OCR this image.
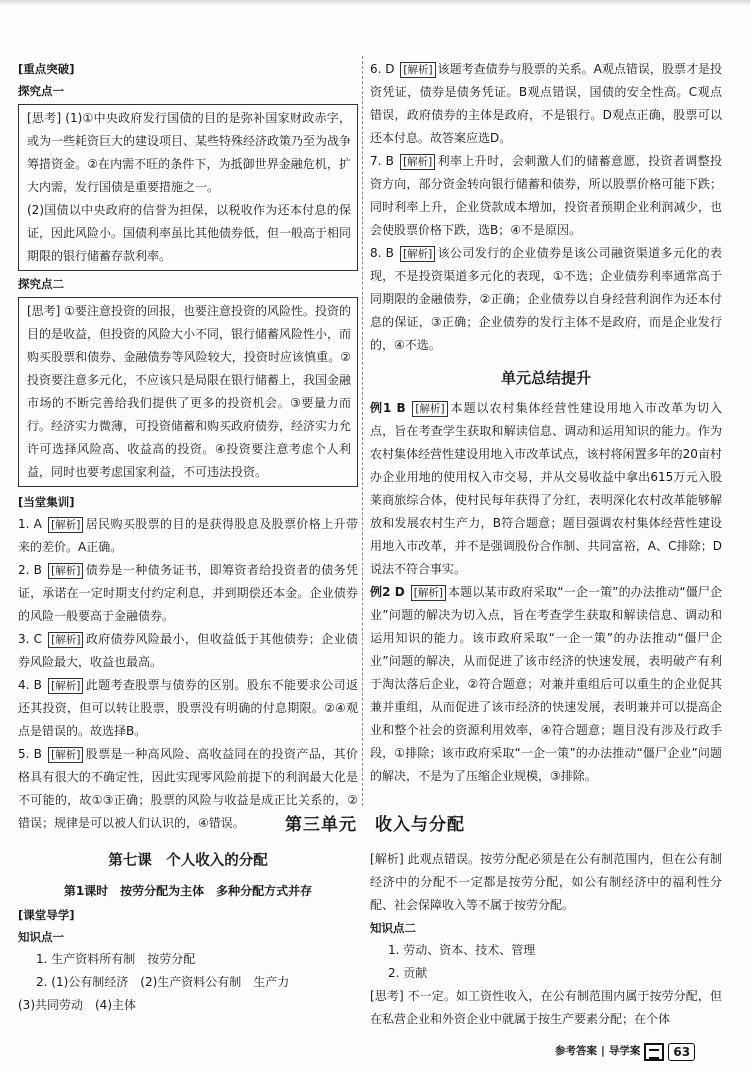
[重点突破]
探究点一

[思考] (1)①中央政府发行国债的目的是弥补国家财政赤字，或为一些耗资巨大的建设项目、某些特殊经济政策乃至为战争筹措资金。②在内需不旺的条件下，为抵御世界金融危机，扩大内需，发行国债是重要措施之一。

(2)国债以中央政府的信誉为担保，以税收作为还本付息的保证，因此风险小。国债利率虽比其他债券低，但一般高于相同期限的银行储蓄存款利率。

探究点二

[思考] ①要注意投资的回报，也要注意投资的风险性。投资的目的是收益，但投资的风险大小不同，银行储蓄风险性小，而购买股票和债券、金融债券等风险较大，投资时应该慎重。②投资要注意多元化，不应该只是局限在银行储蓄上，我国金融市场的不断完善给我们提供了更多的投资机会。③要量力而行。经济实力微薄，可投资储蓄和购买政府债券，经济实力允许可选择风险高、收益高的投资。④投资要注意考虑个人利益，同时也要考虑国家利益，不可违法投资。

[当堂集训]

1. A [解析] 居民购买股票的目的是获得股息及股票价格上升带来的差价。A正确。

2. B [解析] 债券是一种债务证书，即筹资者给投资者的债务凭证，承诺在一定时期支付约定利息，并到期偿还本金。企业债券的风险一般要高于金融债券。

3. C [解析] 政府债券风险最小，但收益低于其他债券；企业债券风险最大，收益也最高。

4. B [解析] 此题考查股票与债券的区别。股东不能要求公司返还其投资，但可以转让股票，股票没有明确的付息期限。②④观点是错误的。故选择B。

5. B [解析] 股票是一种高风险、高收益同在的投资产品，其价格具有很大的不确定性，因此实现零风险前提下的利润最大化是不可能的，故①③正确；股票的风险与收益是成正比关系的，②错误；规律是可以被人们认识的，④错误。

6. D [解析] 该题考查债券与股票的关系。A观点错误，股票才是投资凭证，债券是债务凭证。B观点错误，国债的安全性高。C观点错误，政府债券的主体是政府，不是银行。D观点正确，股票可以还本付息。故答案应选D。

7. B [解析] 利率上升时，会刺激人们的储蓄意愿，投资者调整投资方向，部分资金转向银行储蓄和债券，所以股票价格可能下跌；同时利率上升，企业贷款成本增加，投资者预期企业利润减少，也会使股票价格下跌，选B；④不是原因。

8. B [解析] 该公司发行的企业债券是该公司融资渠道多元化的表现，不是投资渠道多元化的表现，①不选；企业债券利率通常高于同期限的金融债券，②正确；企业债券以自身经营利润作为还本付息的保证，③正确；企业债券的发行主体不是政府，而是企业发行的，④不选。

单元总结提升

例1 B [解析] 本题以农村集体经营性建设用地入市改革为切入点，旨在考查学生获取和解读信息、调动和运用知识的能力。作为农村集体经营性建设用地入市改革试点，该村将闲置多年的20亩村办企业用地的使用权入市交易，并从交易收益中拿出615万元入股莱商旅综合体，使村民每年获得了分红，表明深化农村改革能够解放和发展农村生产力，B符合题意；题目强调农村集体经营性建设用地入市改革，并不是强调股份合作制、共同富裕，A、C排除；D说法不符合事实。

例2 D [解析] 本题以某市政府采取“一企一策”的办法推动“僵尸企业”问题的解决为切入点，旨在考查学生获取和解读信息、调动和运用知识的能力。该市政府采取“一企一策”的办法推动“僵尸企业”问题的解决，从而促进了该市经济的快速发展，表明破产有利于淘汰落后企业，②符合题意；对兼并重组后可以重生的企业促其兼并重组，从而促进了该市经济的快速发展，表明兼并可以提高企业和整个社会的资源利用效率，④符合题意；题目没有涉及行政手段，①排除；该市政府采取“一企一策”的办法推动“僵尸企业”问题的解决，不是为了压缩企业规模，③排除。

第三单元　收入与分配
第七课　个人收入的分配
第1课时　按劳分配为主体　多种分配方式并存
[课堂导学]
知识点一

1. 生产资料所有制　按劳分配

2. (1)公有制经济　(2)生产资料公有制　生产力

(3)共同劳动　(4)主体

[解析] 此观点错误。按劳分配必须是在公有制范围内，但在公有制经济中的分配不一定都是按劳分配，如公有制经济中的福利性分配、社会保障收入等不属于按劳分配。

知识点二

1. 劳动、资本、技术、管理

2. 贡献

[思考] 不一定。如工资性收入，在公有制范围内属于按劳分配，但在私营企业和外资企业中就属于按生产要素分配；在个体

参考答案 | 导学案	63
